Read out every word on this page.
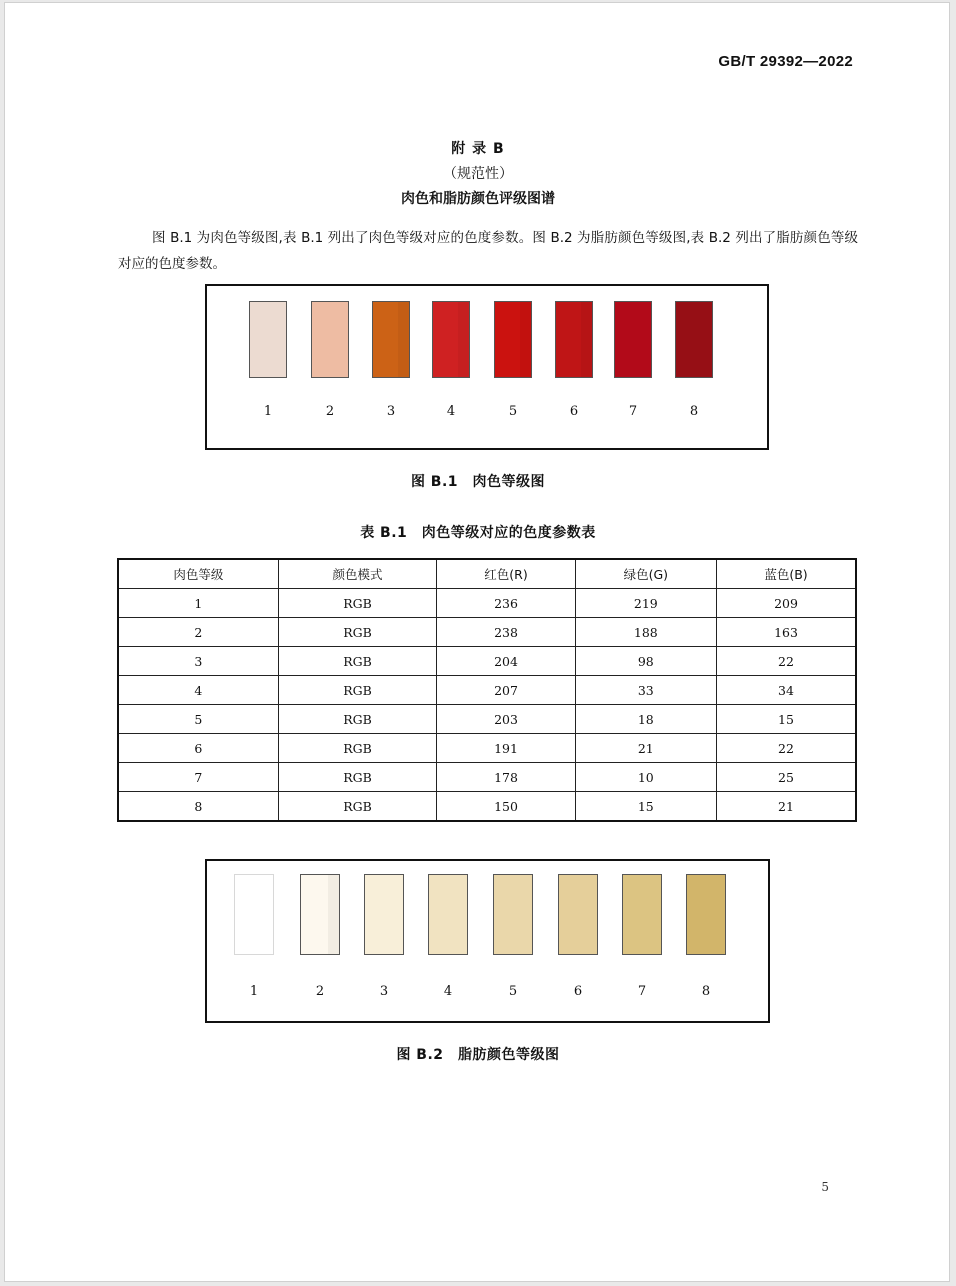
GB/T 29392—2022
附 录 B
（规范性）
肉色和脂肪颜色评级图谱
图 B.1 为肉色等级图,表 B.1 列出了肉色等级对应的色度参数。图 B.2 为脂肪颜色等级图,表 B.2 列出了脂肪颜色等级对应的色度参数。
1	2	3	4	5	6	7	8
图 B.1　肉色等级图
表 B.1　肉色等级对应的色度参数表
肉色等级	颜色模式	红色(R)	绿色(G)	蓝色(B)
1	RGB	236	219	209
2	RGB	238	188	163
3	RGB	204	98	22
4	RGB	207	33	34
5	RGB	203	18	15
6	RGB	191	21	22
7	RGB	178	10	25
8	RGB	150	15	21
1	2	3	4	5	6	7	8
图 B.2　脂肪颜色等级图
5
